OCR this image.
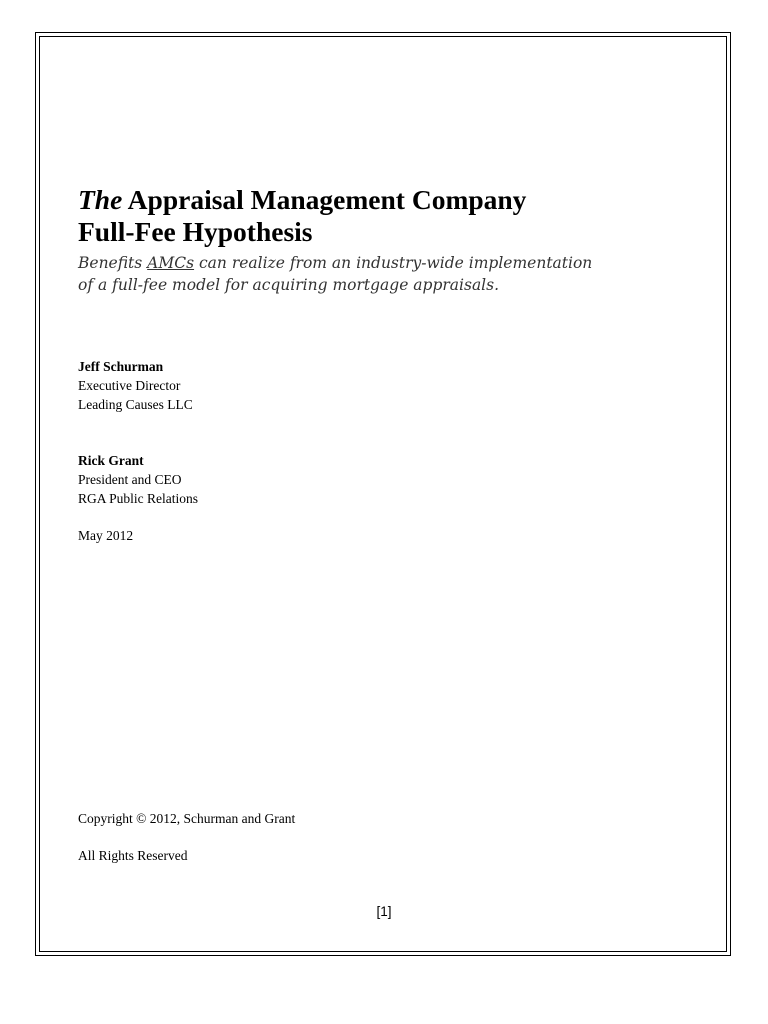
The Appraisal Management Company
Full-Fee Hypothesis

Benefits AMCs can realize from an industry-wide implementation
of a full-fee model for acquiring mortgage appraisals.

Jeff Schurman
Executive Director
Leading Causes LLC
Rick Grant
President and CEO
RGA Public Relations
May 2012
Copyright © 2012, Schurman and Grant
All Rights Reserved
[1]
